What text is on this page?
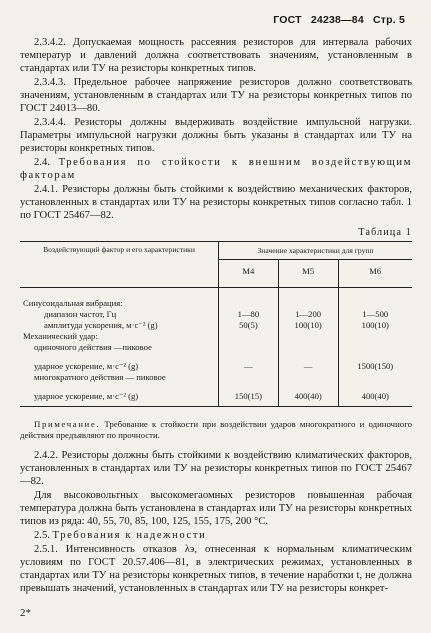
ГОСТ 24238—84 Стр. 5

2.3.4.2. Допускаемая мощность рассеяния резисторов для интервала рабочих температур и давлений должна соответствовать значениям, установленным в стандартах или ТУ на резисторы конкретных типов.

2.3.4.3. Предельное рабочее напряжение резисторов должно соответствовать значениям, установленным в стандартах или ТУ на резисторы конкретных типов по ГОСТ 24013—80.

2.3.4.4. Резисторы должны выдерживать воздействие импульсной нагрузки. Параметры импульсной нагрузки должны быть указаны в стандартах или ТУ на резисторы конкретных типов.

2.4. Требования по стойкости к внешним воздействующим факторам

2.4.1. Резисторы должны быть стойкими к воздействию механических факторов, установленных в стандартах или ТУ на резисторы конкретных типов согласно табл. 1 по ГОСТ 25467—82.

Таблица 1
Воздействующий фактор и его характеристики	Значение характеристики для групп		
	М4	М5	М6
Синусоидальная вибрация:			
диапазон частот, Гц	1—80	1—200	1—500
амплитуда ускорения, м·с⁻² (g)	50(5)	100(10)	100(10)
Механический удар:			
одиночного действия —пиковое			

ударное ускорение, м·с⁻² (g)	—	—	1500(150)
многократного действия — пиковое			

ударное ускорение, м·с⁻² (g)	150(15)	400(40)	400(40)

Примечание. Требование к стойкости при воздействии ударов многократного и одиночного действия предъявляют по прочности.

2.4.2. Резисторы должны быть стойкими к воздействию климатических факторов, установленных в стандартах или ТУ на резисторы конкретных типов по ГОСТ 25467—82.

Для высоковольтных высокомегаомных резисторов повышенная рабочая температура должна быть установлена в стандартах или ТУ на резисторы конкретных типов из ряда: 40, 55, 70, 85, 100, 125, 155, 175, 200 °С.

2.5. Требования к надежности

2.5.1. Интенсивность отказов λэ, отнесенная к нормальным климатическим условиям по ГОСТ 20.57.406—81, в электрических режимах, установленных в стандартах или ТУ на резисторы конкретных типов, в течение наработки t, не должна превышать значений, установленных в стандартах или ТУ на резисторы конкрет-

2*
